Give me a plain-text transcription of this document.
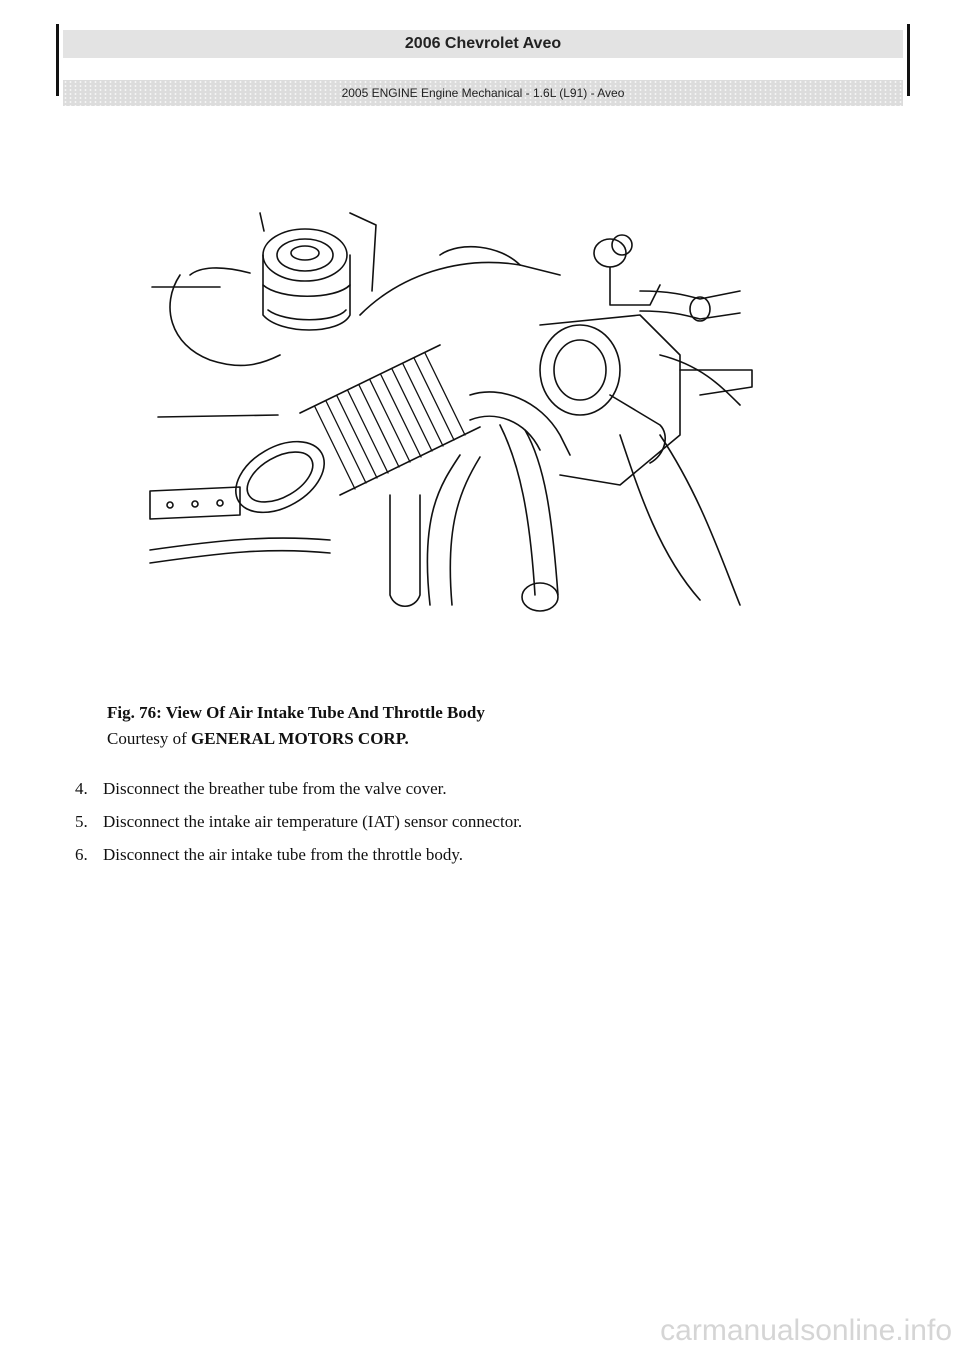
2006 Chevrolet Aveo
2005 ENGINE Engine Mechanical - 1.6L (L91) - Aveo
Fig. 76: View Of Air Intake Tube And Throttle Body
Courtesy of GENERAL MOTORS CORP.
4. Disconnect the breather tube from the valve cover.
5. Disconnect the intake air temperature (IAT) sensor connector.
6. Disconnect the air intake tube from the throttle body.
carmanualsonline.info
